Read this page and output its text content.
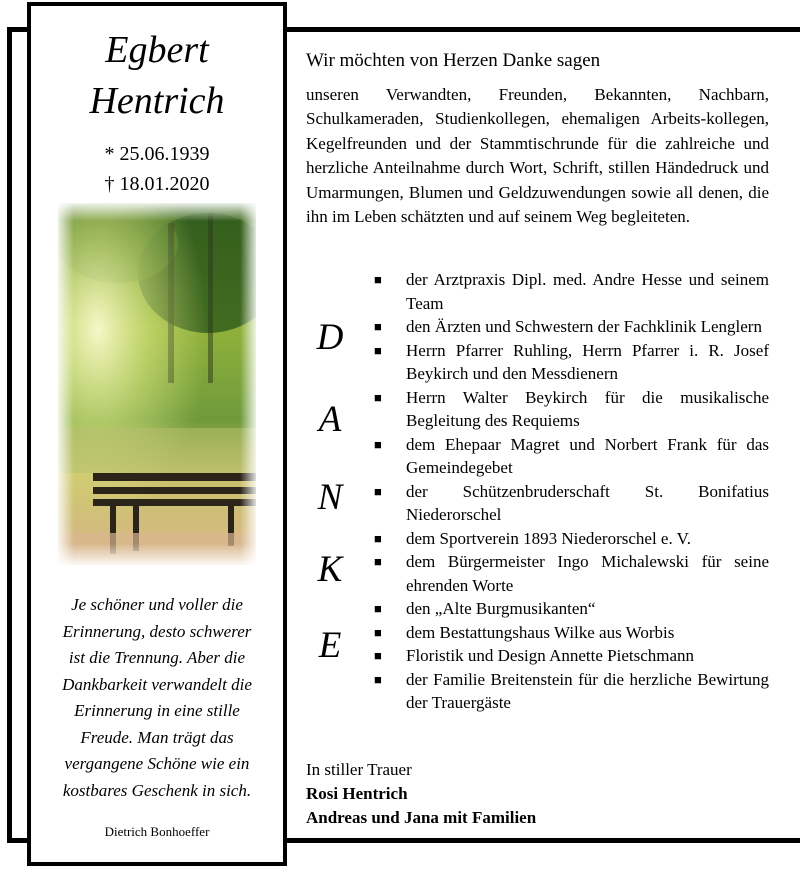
Egbert
Hentrich
* 25.06.1939
† 18.01.2020
Je schöner und voller die
Erinnerung, desto schwerer
ist die Trennung. Aber die
Dankbarkeit verwandelt die
Erinnerung in eine stille
Freude. Man trägt das
vergangene Schöne wie ein
kostbares Geschenk in sich.
Dietrich Bonhoeffer

Wir möchten von Herzen Danke sagen

unseren Verwandten, Freunden, Bekannten, Nachbarn, Schulkameraden, Studienkollegen, ehemaligen Arbeits-kollegen, Kegelfreunden und der Stammtischrunde für die zahlreiche und herzliche Anteilnahme durch Wort, Schrift, stillen Händedruck und Umarmungen, Blumen und Geldzuwendungen sowie all denen, die ihn im Leben schätzten und auf seinem Weg begleiteten.

D
A
N
K
E
■ der Arztpraxis Dipl. med. Andre Hesse und seinem Team
■ den Ärzten und Schwestern der Fachklinik Lenglern
■ Herrn Pfarrer Ruhling, Herrn Pfarrer i. R. Josef Beykirch und den Messdienern
■ Herrn Walter Beykirch für die musikalische Begleitung des Requiems
■ dem Ehepaar Magret und Norbert Frank für das Gemeindegebet
■ der Schützenbruderschaft St. Bonifatius Niederorschel
■ dem Sportverein 1893 Niederorschel e. V.
■ dem Bürgermeister Ingo Michalewski für seine ehrenden Worte
■ den „Alte Burgmusikanten“
■ dem Bestattungshaus Wilke aus Worbis
■ Floristik und Design Annette Pietschmann
■ der Familie Breitenstein für die herzliche Bewirtung der Trauergäste
In stiller Trauer
Rosi Hentrich
Andreas und Jana mit Familien
